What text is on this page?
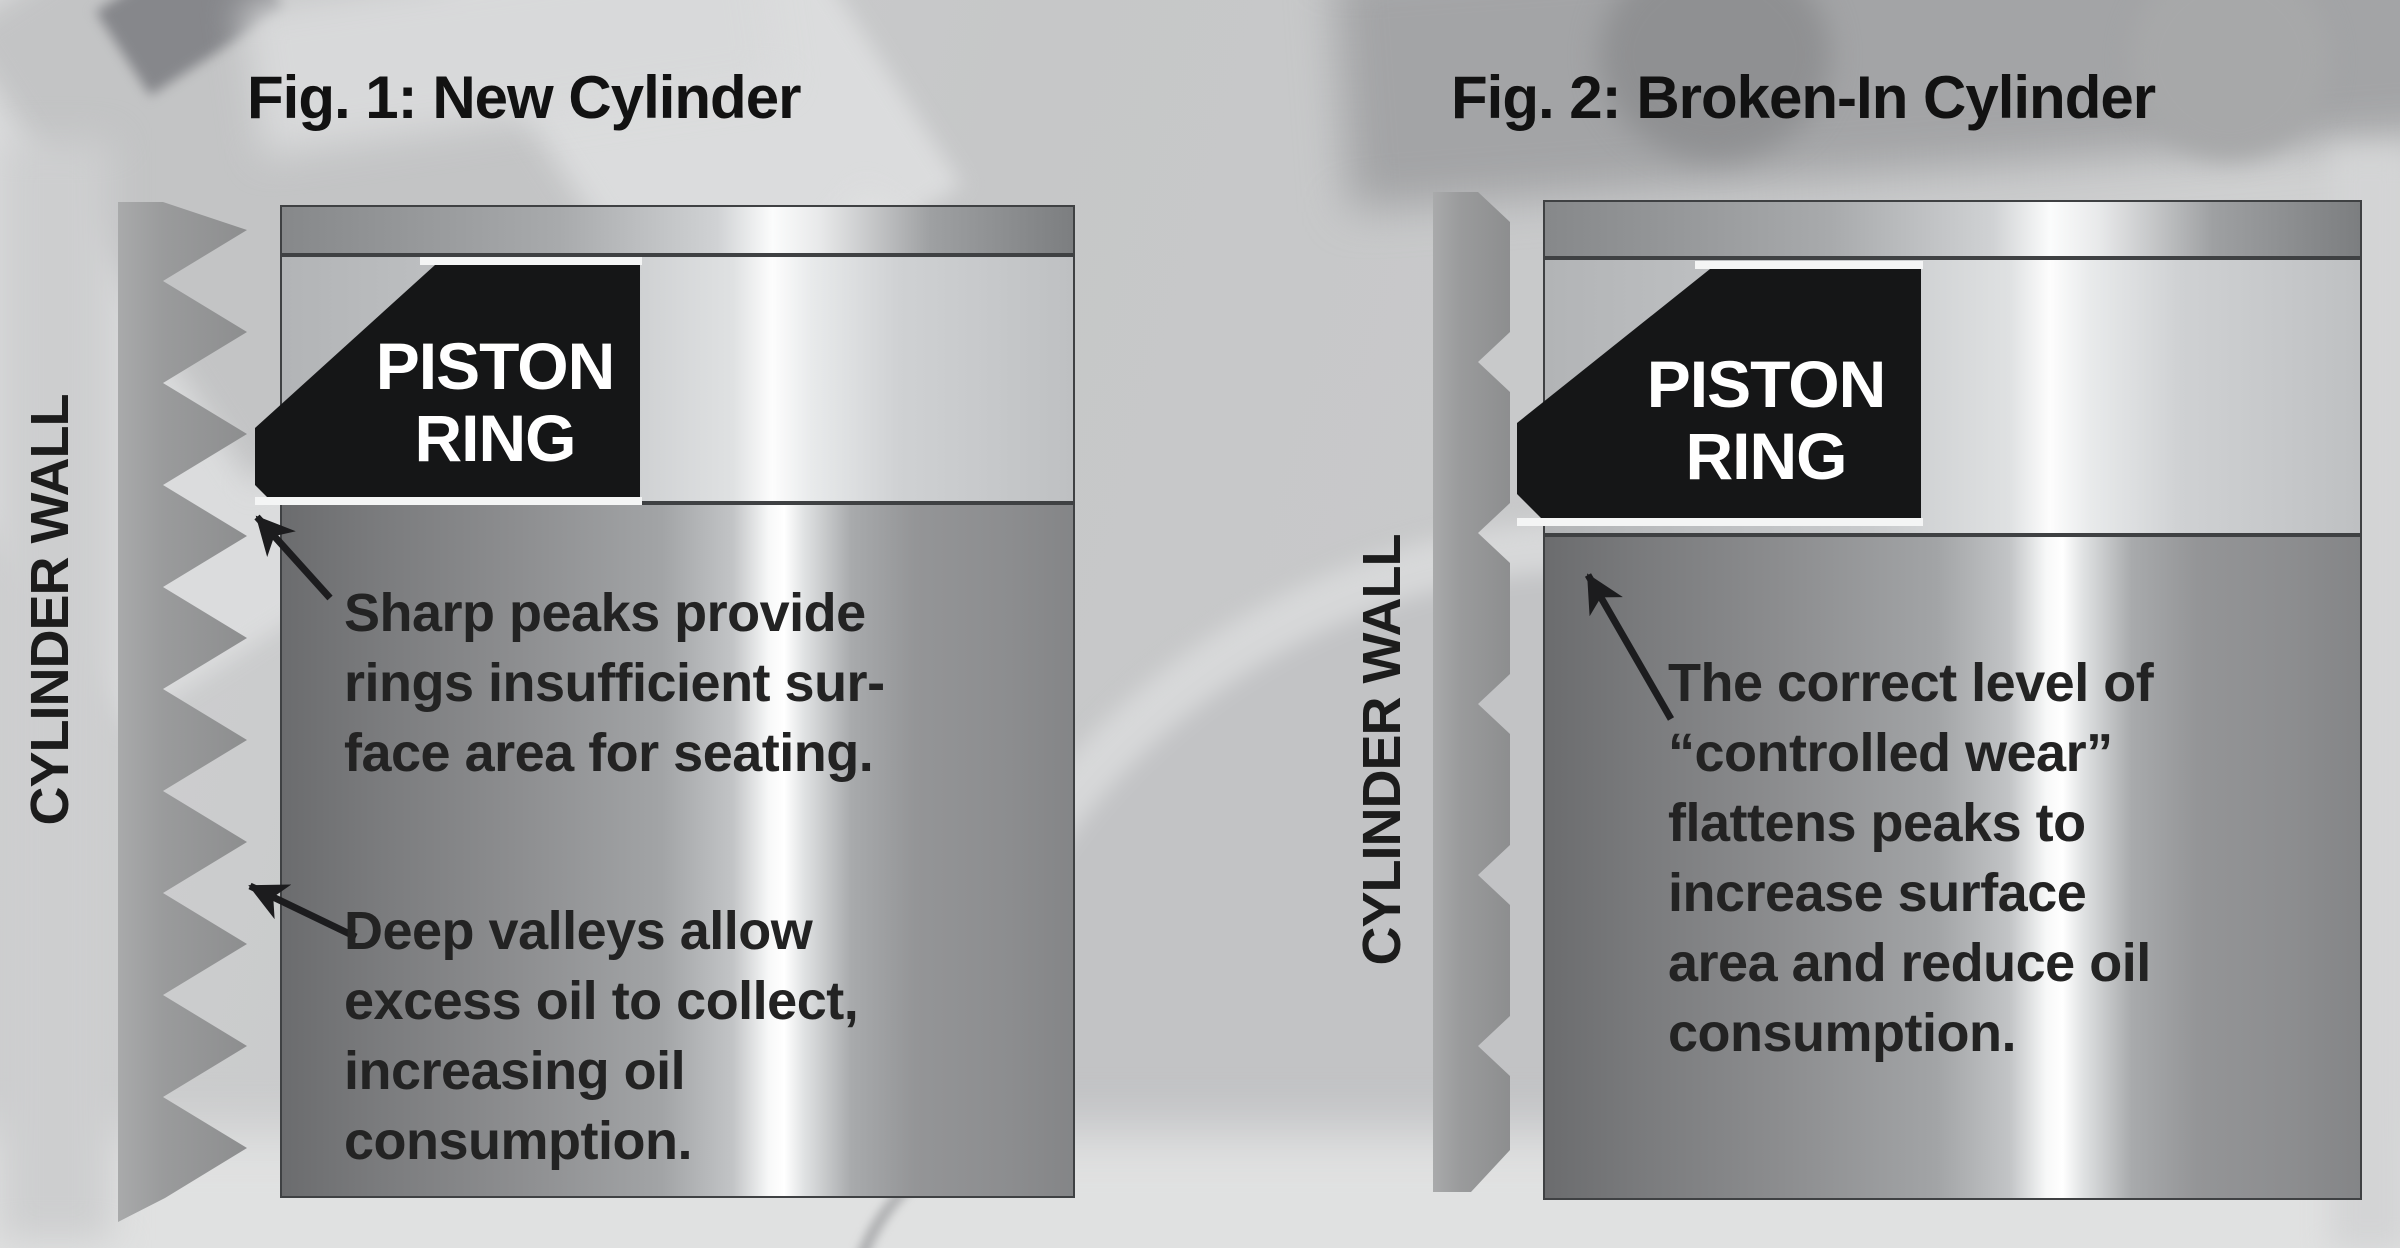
Fig. 1: New Cylinder
CYLINDER WALL
PISTON
RING
Sharp peaks provide
rings insufficient sur-
face area for seating.
Deep valleys allow
excess oil to collect,
increasing oil
consumption.
Fig. 2: Broken-In Cylinder
CYLINDER WALL
PISTON
RING
The correct level of
“controlled wear”
flattens peaks to
increase surface
area and reduce oil
consumption.
